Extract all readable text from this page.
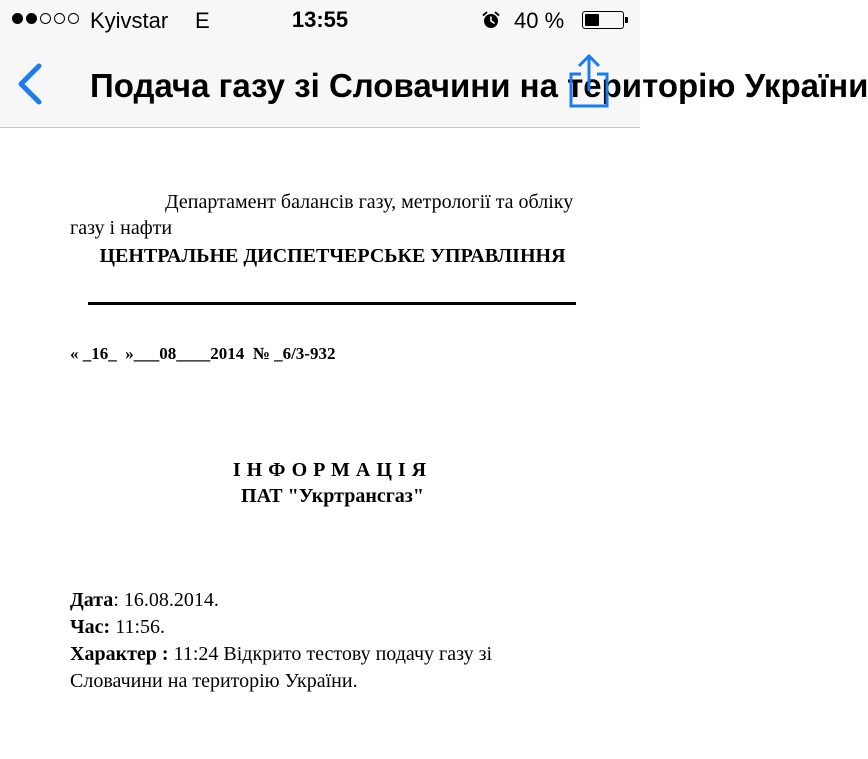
Kyivstar E	13:55	40 %
Подача газу зі Словачини на територію України
Департамент балансів газу, метрології та обліку газу і нафти
ЦЕНТРАЛЬНЕ ДИСПЕТЧЕРСЬКЕ УПРАВЛІННЯ
« _16_  »___08____2014  № _6/3-932
ІНФОРМАЦІЯ
ПАТ "Укртрансгаз"
Дата: 16.08.2014.
Час: 11:56.
Характер : 11:24 Відкрито тестову подачу газу зі Словачини на територію України.
